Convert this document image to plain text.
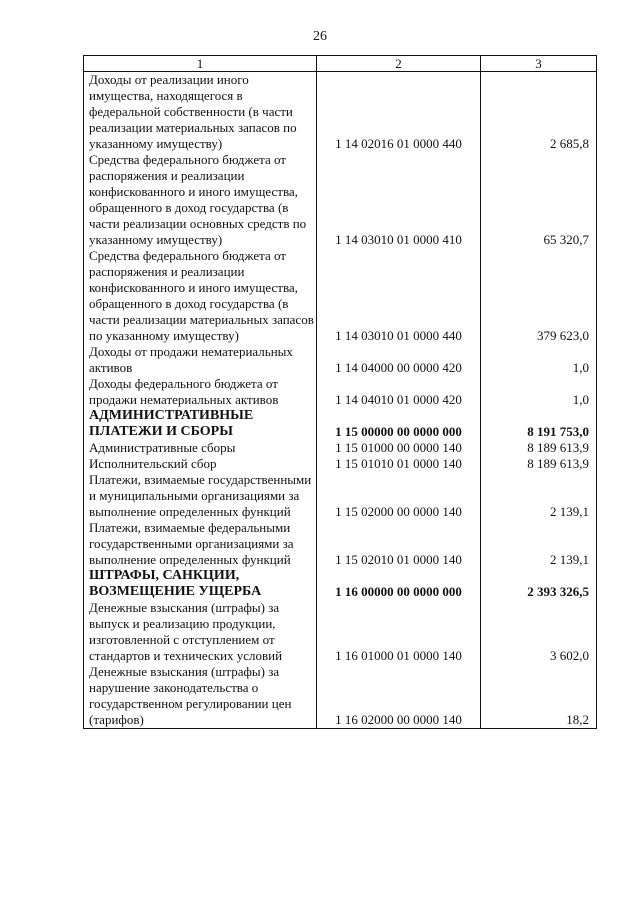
26
1	2	3
Доходы от реализации иного имущества, находящегося в федеральной собственности (в части реализации материальных запасов по указанному имуществу)	1 14 02016 01 0000 440	2 685,8
Средства федерального бюджета от распоряжения и реализации конфискованного и иного имущества, обращенного в доход государства (в части реализации основных средств по указанному имуществу)	1 14 03010 01 0000 410	65 320,7
Средства федерального бюджета от распоряжения и реализации конфискованного и иного имущества, обращенного в доход государства (в части реализации материальных запасов по указанному имуществу)	1 14 03010 01 0000 440	379 623,0
Доходы от продажи нематериальных активов	1 14 04000 00 0000 420	1,0
Доходы федерального бюджета от продажи нематериальных активов	1 14 04010 01 0000 420	1,0
АДМИНИСТРАТИВНЫЕ ПЛАТЕЖИ И СБОРЫ	1 15 00000 00 0000 000	8 191 753,0
Административные сборы	1 15 01000 00 0000 140	8 189 613,9
Исполнительский сбор	1 15 01010 01 0000 140	8 189 613,9
Платежи, взимаемые государственными и муниципальными организациями за выполнение определенных функций	1 15 02000 00 0000 140	2 139,1
Платежи, взимаемые федеральными государственными организациями за выполнение определенных функций	1 15 02010 01 0000 140	2 139,1
ШТРАФЫ, САНКЦИИ, ВОЗМЕЩЕНИЕ УЩЕРБА	1 16 00000 00 0000 000	2 393 326,5
Денежные взыскания (штрафы) за выпуск и реализацию продукции, изготовленной с отступлением от стандартов и технических условий	1 16 01000 01 0000 140	3 602,0
Денежные взыскания (штрафы) за нарушение законодательства о государственном регулировании цен (тарифов)	1 16 02000 00 0000 140	18,2
